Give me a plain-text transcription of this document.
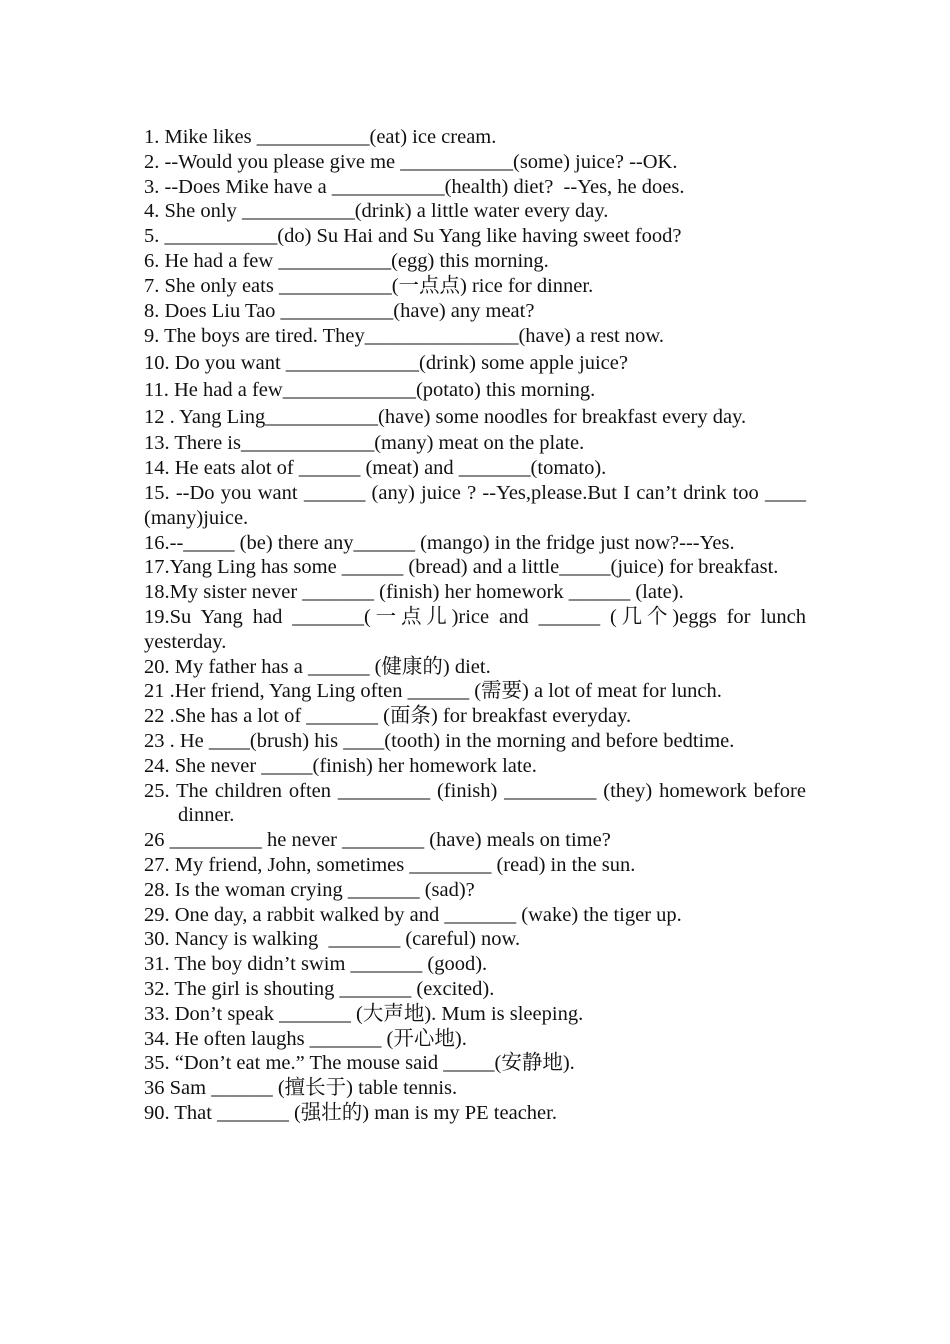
1. Mike likes ___________(eat) ice cream.

2. --Would you please give me ___________(some) juice? --OK.

3. --Does Mike have a ___________(health) diet?  --Yes, he does.

4. She only ___________(drink) a little water every day.

5. ___________(do) Su Hai and Su Yang like having sweet food?

6. He had a few ___________(egg) this morning.

7. She only eats ___________(一点点) rice for dinner.

8. Does Liu Tao ___________(have) any meat?

9. The boys are tired. They_______________(have) a rest now.

10. Do you want _____________(drink) some apple juice?

11. He had a few_____________(potato) this morning.

12 . Yang Ling___________(have) some noodles for breakfast every day.

13. There is_____________(many) meat on the plate.

14. He eats alot of ______ (meat) and _______(tomato).

15. --Do you want ______ (any) juice ? --Yes,please.But I can’t drink too ____ (many)juice.

16.--_____ (be) there any______ (mango) in the fridge just now?---Yes.

17.Yang Ling has some ______ (bread) and a little_____(juice) for breakfast.

18.My sister never _______ (finish) her homework ______ (late).

19.Su Yang had _______(一点儿)rice and ______ (几个)eggs for lunch yesterday.

20. My father has a ______ (健康的) diet.

21 .Her friend, Yang Ling often ______ (需要) a lot of meat for lunch.

22 .She has a lot of _______ (面条) for breakfast everyday.

23 . He ____(brush) his ____(tooth) in the morning and before bedtime.

24. She never _____(finish) her homework late.

25. The children often _________ (finish) _________ (they) homework before dinner.

26 _________ he never ________ (have) meals on time?

27. My friend, John, sometimes ________ (read) in the sun.

28. Is the woman crying _______ (sad)?

29. One day, a rabbit walked by and _______ (wake) the tiger up.

30. Nancy is walking  _______ (careful) now.

31. The boy didn’t swim _______ (good).

32. The girl is shouting _______ (excited).

33. Don’t speak _______ (大声地). Mum is sleeping.

34. He often laughs _______ (开心地).

35. “Don’t eat me.” The mouse said _____(安静地).

36 Sam ______ (擅长于) table tennis.

90. That _______ (强壮的) man is my PE teacher.
